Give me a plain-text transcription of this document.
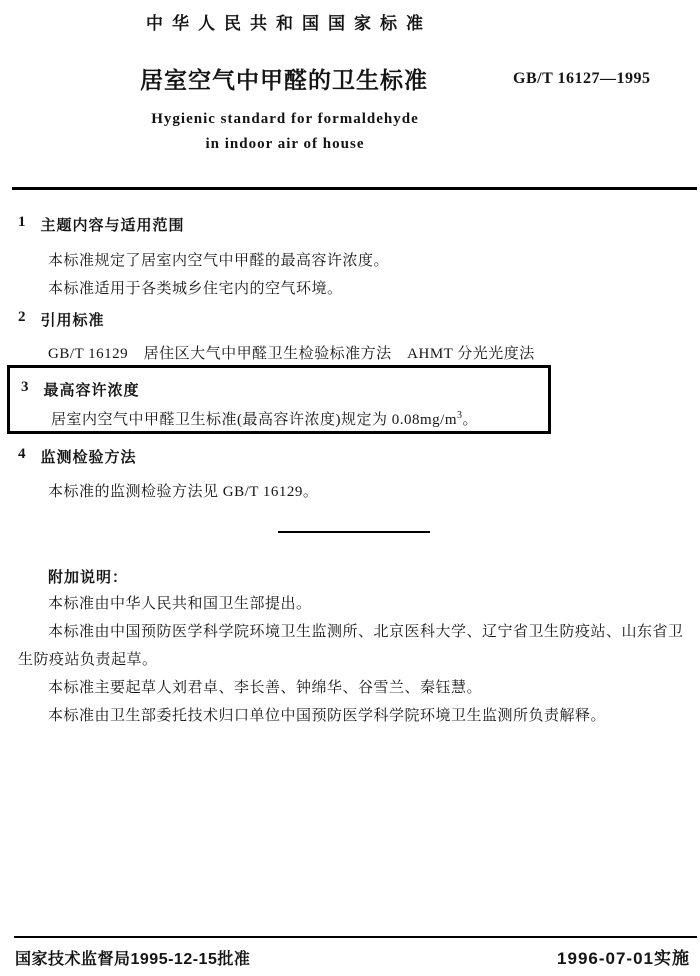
中华人民共和国国家标准
居室空气中甲醛的卫生标准	GB/T 16127—1995
Hygienic standard for formaldehyde
in indoor air of house
1 主题内容与适用范围
本标准规定了居室内空气中甲醛的最高容许浓度。
本标准适用于各类城乡住宅内的空气环境。
2 引用标准
GB/T 16129　居住区大气中甲醛卫生检验标准方法　AHMT 分光光度法
3 最高容许浓度
居室内空气中甲醛卫生标准(最高容许浓度)规定为 $0.08mg/m^3$。
4 监测检验方法
本标准的监测检验方法见 GB/T 16129。
附加说明：

本标准由中华人民共和国卫生部提出。

本标准由中国预防医学科学院环境卫生监测所、北京医科大学、辽宁省卫生防疫站、山东省卫生防疫站负责起草。

本标准主要起草人刘君卓、李长善、钟绵华、谷雪兰、秦钰慧。

本标准由卫生部委托技术归口单位中国预防医学科学院环境卫生监测所负责解释。

国家技术监督局1995-12-15批准	1996-07-01实施
